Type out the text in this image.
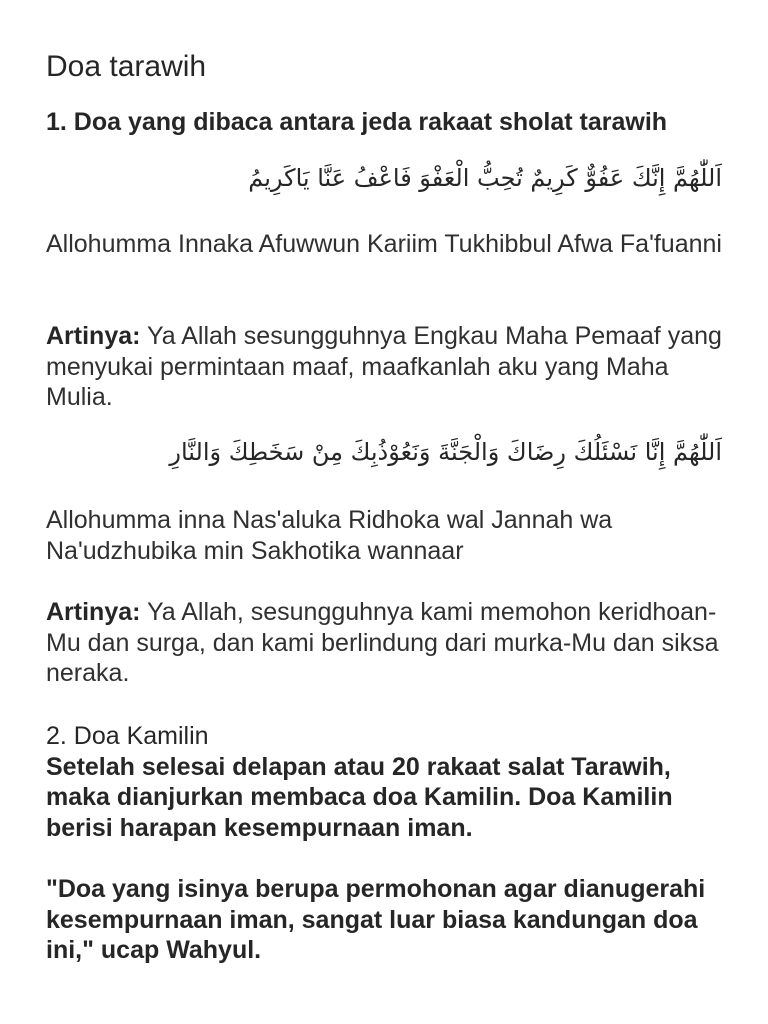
Doa tarawih
1. Doa yang dibaca antara jeda rakaat sholat tarawih
اَللّٰهُمَّ إِنَّكَ عَفُوٌّ كَرِيمٌ تُحِبُّ الْعَفْوَ فَاعْفُ عَنَّا يَاكَرِيمُ

Allohumma Innaka Afuwwun Kariim Tukhibbul Afwa Fa'fuanni

Artinya: Ya Allah sesungguhnya Engkau Maha Pemaaf yang menyukai permintaan maaf, maafkanlah aku yang Maha Mulia.

اَللّٰهُمَّ إِنَّا نَسْئَلُكَ رِضَاكَ وَالْجَنَّةَ وَنَعُوْذُبِكَ مِنْ سَخَطِكَ وَالنَّارِ

Allohumma inna Nas'aluka Ridhoka wal Jannah wa Na'udzhubika min Sakhotika wannaar

Artinya: Ya Allah, sesungguhnya kami memohon keridhoan-Mu dan surga, dan kami berlindung dari murka-Mu dan siksa neraka.

2. Doa Kamilin
Setelah selesai delapan atau 20 rakaat salat Tarawih, maka dianjurkan membaca doa Kamilin. Doa Kamilin berisi harapan kesempurnaan iman.

"Doa yang isinya berupa permohonan agar dianugerahi kesempurnaan iman, sangat luar biasa kandungan doa ini," ucap Wahyul.
